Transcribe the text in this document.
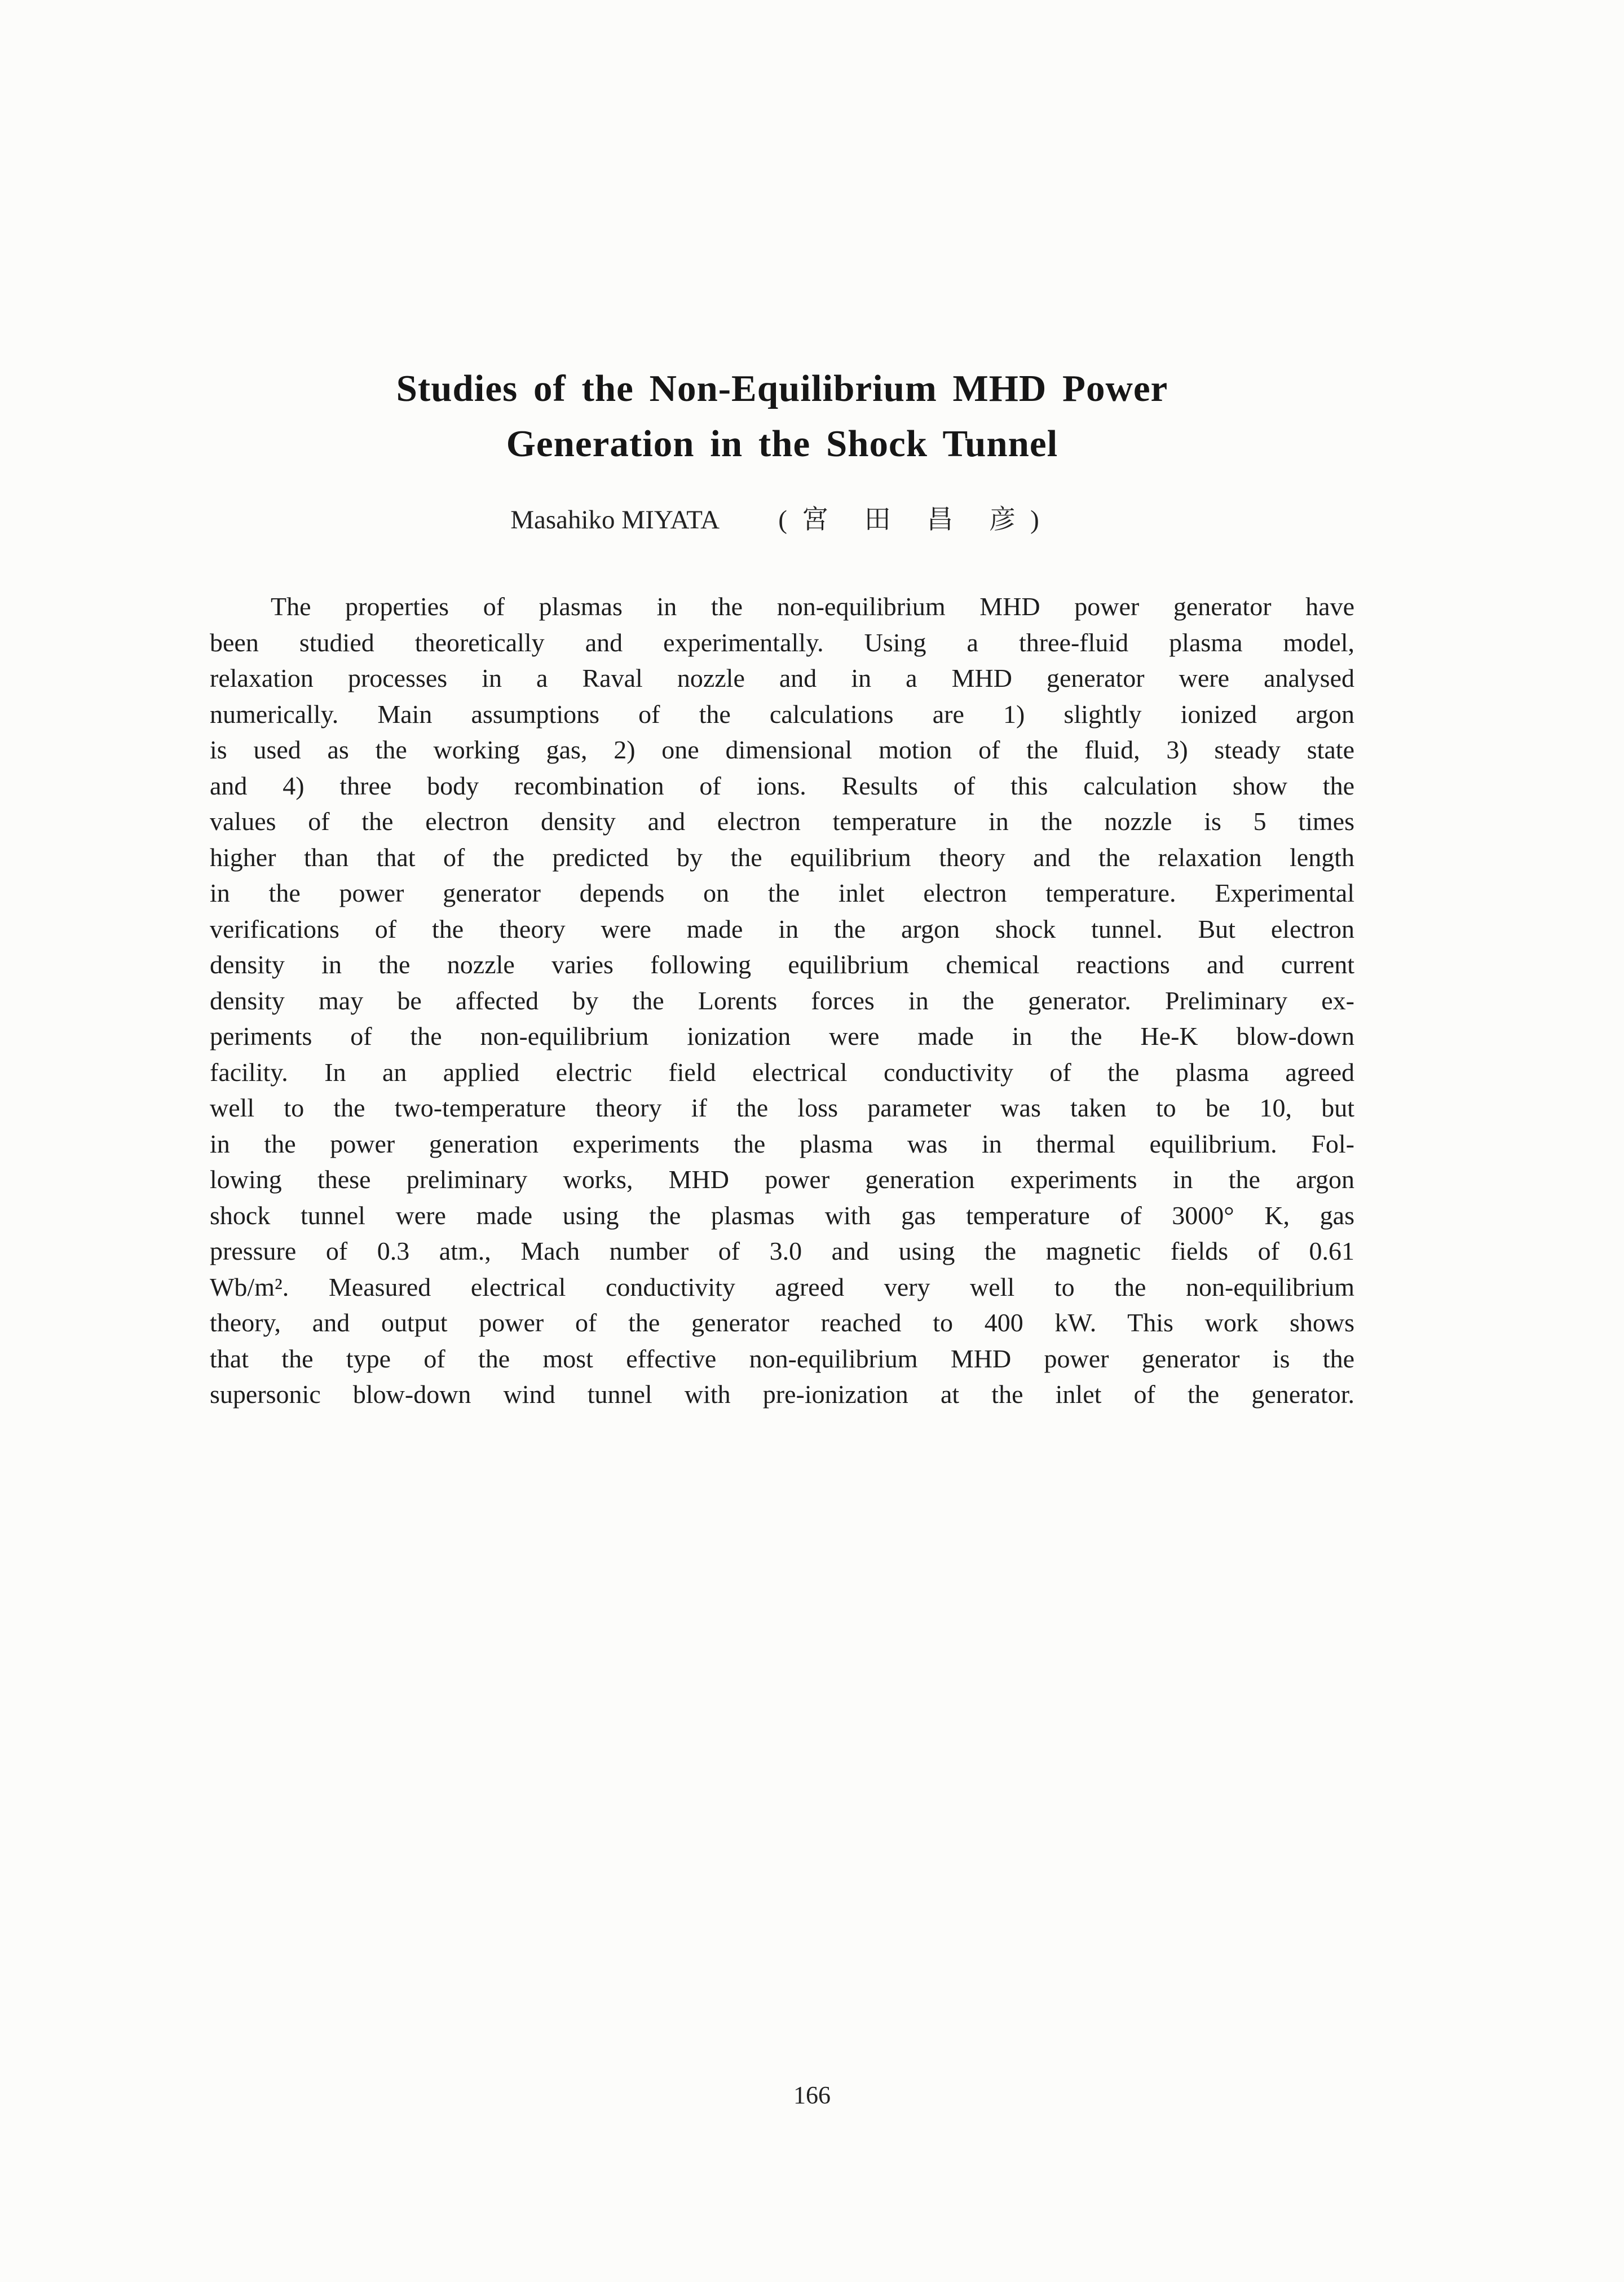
Studies of the Non-Equilibrium MHD Power
Generation in the Shock Tunnel
Masahiko MIYATA (宮 田 昌 彦)
The properties of plasmas in the non-equilibrium MHD power generator have
been studied theoretically and experimentally. Using a three-fluid plasma model,
relaxation processes in a Raval nozzle and in a MHD generator were analysed
numerically. Main assumptions of the calculations are 1) slightly ionized argon
is used as the working gas, 2) one dimensional motion of the fluid, 3) steady state
and 4) three body recombination of ions. Results of this calculation show the
values of the electron density and electron temperature in the nozzle is 5 times
higher than that of the predicted by the equilibrium theory and the relaxation length
in the power generator depends on the inlet electron temperature. Experimental
verifications of the theory were made in the argon shock tunnel. But electron
density in the nozzle varies following equilibrium chemical reactions and current
density may be affected by the Lorents forces in the generator. Preliminary ex-
periments of the non-equilibrium ionization were made in the He-K blow-down
facility. In an applied electric field electrical conductivity of the plasma agreed
well to the two-temperature theory if the loss parameter was taken to be 10, but
in the power generation experiments the plasma was in thermal equilibrium. Fol-
lowing these preliminary works, MHD power generation experiments in the argon
shock tunnel were made using the plasmas with gas temperature of 3000° K, gas
pressure of 0.3 atm., Mach number of 3.0 and using the magnetic fields of 0.61
Wb/m². Measured electrical conductivity agreed very well to the non-equilibrium
theory, and output power of the generator reached to 400 kW. This work shows
that the type of the most effective non-equilibrium MHD power generator is the
supersonic blow-down wind tunnel with pre-ionization at the inlet of the generator.
166
